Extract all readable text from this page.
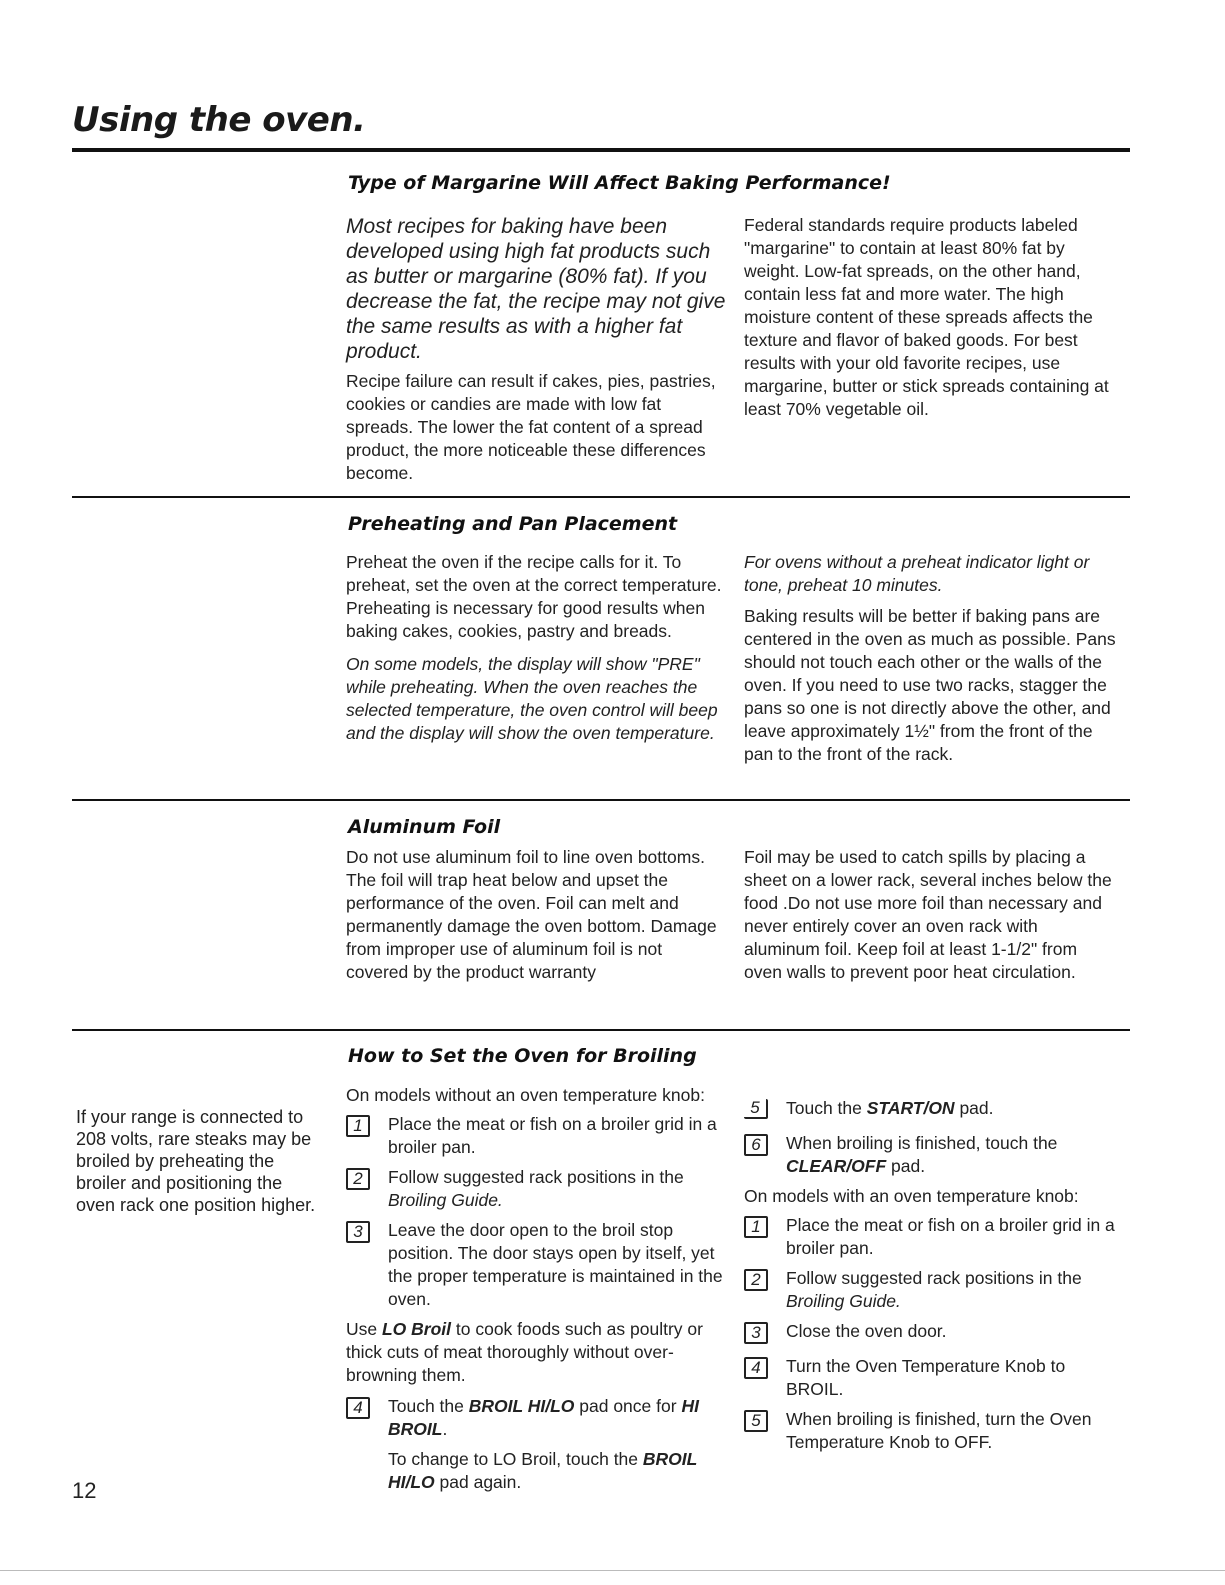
Using the oven.
Type of Margarine Will Affect Baking Performance!

Most recipes for baking have been developed using high fat products such as butter or margarine (80% fat). If you decrease the fat, the recipe may not give the same results as with a higher fat product.

Recipe failure can result if cakes, pies, pastries, cookies or candies are made with low fat spreads. The lower the fat content of a spread product, the more noticeable these differences become.

Federal standards require products labeled "margarine" to contain at least 80% fat by weight. Low-fat spreads, on the other hand, contain less fat and more water. The high moisture content of these spreads affects the texture and flavor of baked goods. For best results with your old favorite recipes, use margarine, butter or stick spreads containing at least 70% vegetable oil.

Preheating and Pan Placement

Preheat the oven if the recipe calls for it. To preheat, set the oven at the correct temperature. Preheating is necessary for good results when baking cakes, cookies, pastry and breads.

On some models, the display will show "PRE" while preheating. When the oven reaches the selected temperature, the oven control will beep and the display will show the oven temperature.

For ovens without a preheat indicator light or tone, preheat 10 minutes.

Baking results will be better if baking pans are centered in the oven as much as possible. Pans should not touch each other or the walls of the oven. If you need to use two racks, stagger the pans so one is not directly above the other, and leave approximately 1½" from the front of the pan to the front of the rack.

Aluminum Foil

Do not use aluminum foil to line oven bottoms. The foil will trap heat below and upset the performance of the oven. Foil can melt and permanently damage the oven bottom. Damage from improper use of aluminum foil is not covered by the product warranty

Foil may be used to catch spills by placing a sheet on a lower rack, several inches below the food .Do not use more foil than necessary and never entirely cover an oven rack with aluminum foil. Keep foil at least 1-1/2" from oven walls to prevent poor heat circulation.

How to Set the Oven for Broiling
If your range is connected to 208 volts, rare steaks may be broiled by preheating the broiler and positioning the oven rack one position higher.

On models without an oven temperature knob:

1	Place the meat or fish on a broiler grid in a broiler pan.
2	Follow suggested rack positions in the Broiling Guide.
3	Leave the door open to the broil stop position. The door stays open by itself, yet the proper temperature is maintained in the oven.

Use LO Broil to cook foods such as poultry or thick cuts of meat thoroughly without over-browning them.

4	Touch the BROIL HI/LO pad once for HI BROIL.
To change to LO Broil, touch the BROIL HI/LO pad again.
5	Touch the START/ON pad.
6	When broiling is finished, touch the CLEAR/OFF pad.

On models with an oven temperature knob:

1	Place the meat or fish on a broiler grid in a broiler pan.
2	Follow suggested rack positions in the Broiling Guide.
3	Close the oven door.
4	Turn the Oven Temperature Knob to BROIL.
5	When broiling is finished, turn the Oven Temperature Knob to OFF.
12
